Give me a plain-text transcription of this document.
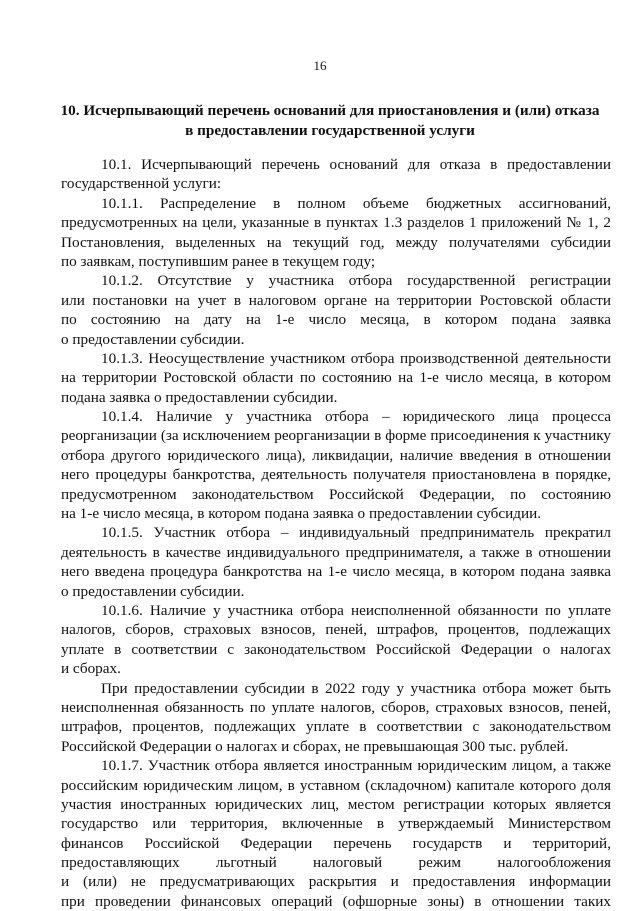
16
10. Исчерпывающий перечень оснований для приостановления и (или) отказа
в предоставлении государственной услуги
10.1. Исчерпывающий перечень оснований для отказа в предоставлении
государственной услуги:
10.1.1. Распределение в полном объеме бюджетных ассигнований,
предусмотренных на цели, указанные в пунктах 1.3 разделов 1 приложений № 1, 2
Постановления, выделенных на текущий год, между получателями субсидии
по заявкам, поступившим ранее в текущем году;
10.1.2. Отсутствие у участника отбора государственной регистрации
или постановки на учет в налоговом органе на территории Ростовской области
по состоянию на дату на 1-е число месяца, в котором подана заявка
о предоставлении субсидии.
10.1.3. Неосуществление участником отбора производственной деятельности
на территории Ростовской области по состоянию на 1-е число месяца, в котором
подана заявка о предоставлении субсидии.
10.1.4. Наличие у участника отбора – юридического лица процесса
реорганизации (за исключением реорганизации в форме присоединения к участнику
отбора другого юридического лица), ликвидации, наличие введения в отношении
него процедуры банкротства, деятельность получателя приостановлена в порядке,
предусмотренном законодательством Российской Федерации, по состоянию
на 1-е число месяца, в котором подана заявка о предоставлении субсидии.
10.1.5. Участник отбора – индивидуальный предприниматель прекратил
деятельность в качестве индивидуального предпринимателя, а также в отношении
него введена процедура банкротства на 1-е число месяца, в котором подана заявка
о предоставлении субсидии.
10.1.6. Наличие у участника отбора неисполненной обязанности по уплате
налогов, сборов, страховых взносов, пеней, штрафов, процентов, подлежащих
уплате в соответствии с законодательством Российской Федерации о налогах
и сборах.
При предоставлении субсидии в 2022 году у участника отбора может быть
неисполненная обязанность по уплате налогов, сборов, страховых взносов, пеней,
штрафов, процентов, подлежащих уплате в соответствии с законодательством
Российской Федерации о налогах и сборах, не превышающая 300 тыс. рублей.
10.1.7. Участник отбора является иностранным юридическим лицом, а также
российским юридическим лицом, в уставном (складочном) капитале которого доля
участия иностранных юридических лиц, местом регистрации которых является
государство или территория, включенные в утверждаемый Министерством
финансов Российской Федерации перечень государств и территорий,
предоставляющих льготный налоговый режим налогообложения
и (или) не предусматривающих раскрытия и предоставления информации
при проведении финансовых операций (офшорные зоны) в отношении таких
